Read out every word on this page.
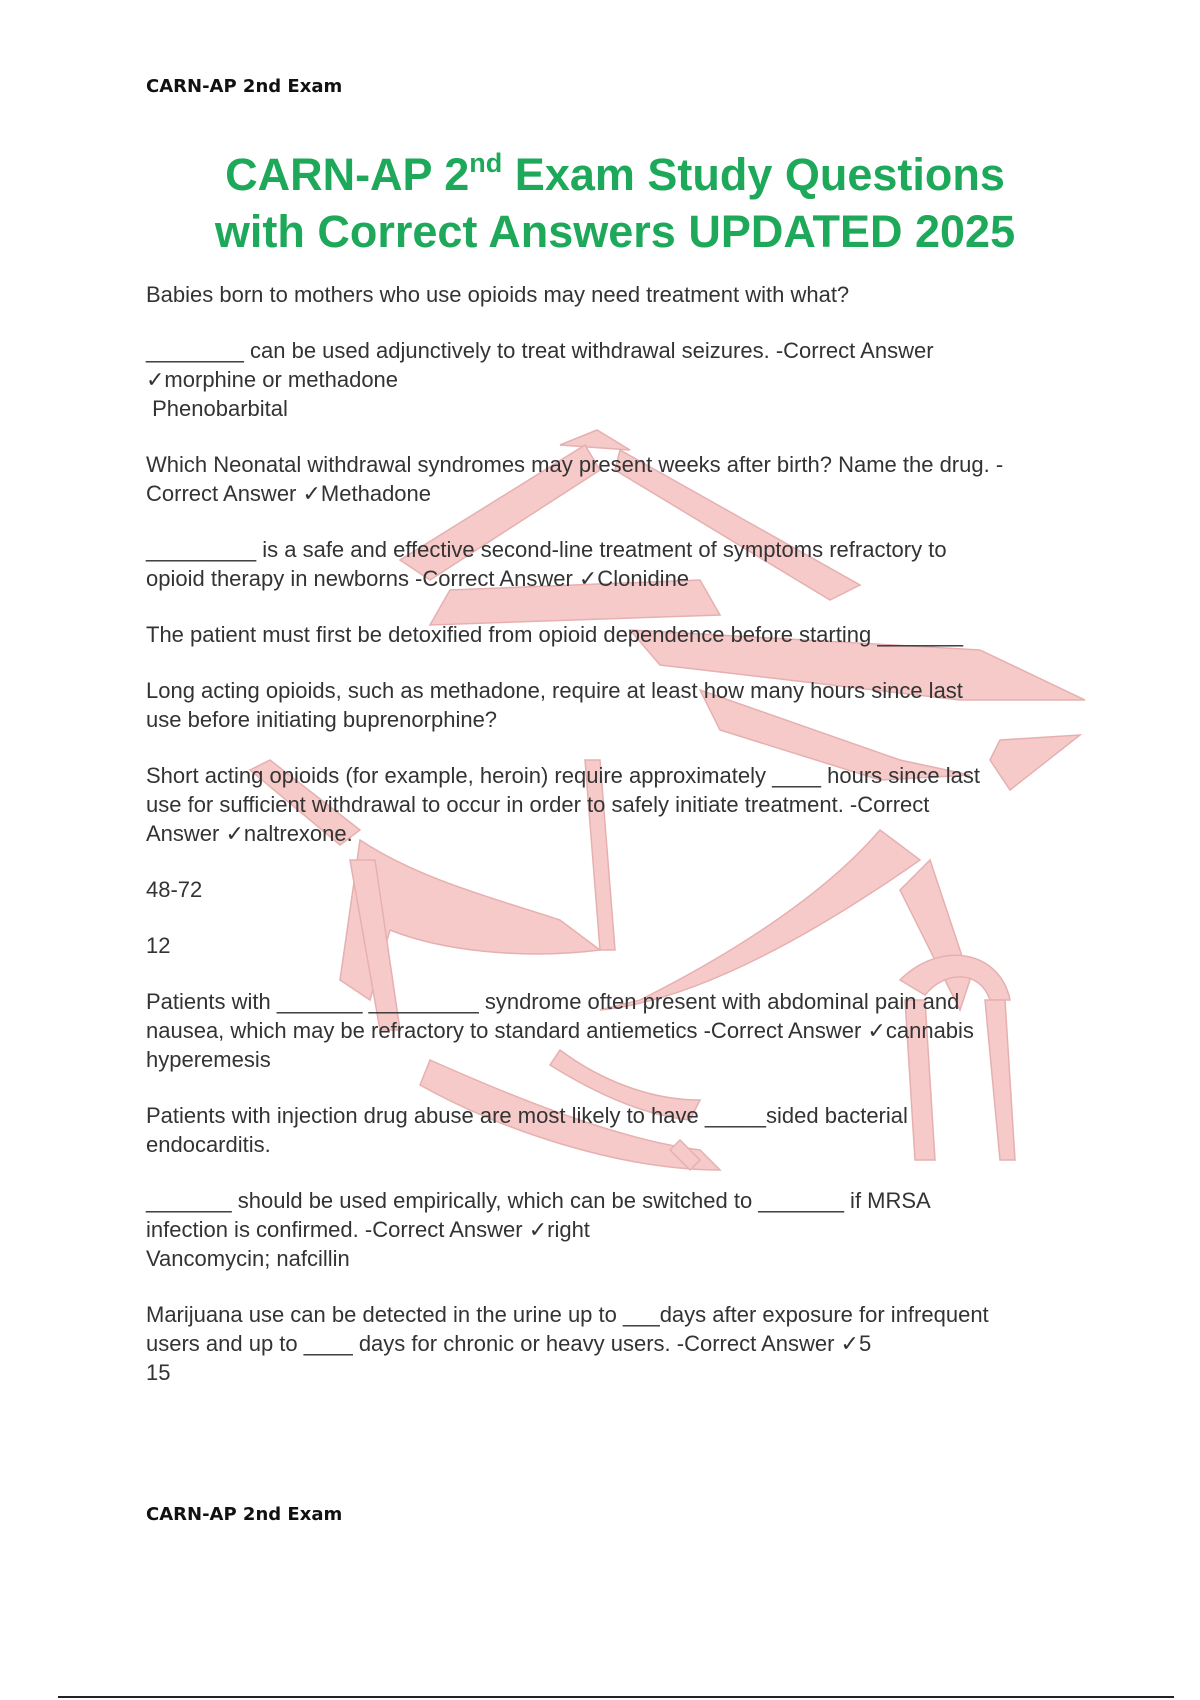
CARN-AP 2nd Exam
CARN-AP 2nd Exam Study Questions
with Correct Answers UPDATED 2025

Babies born to mothers who use opioids may need treatment with what?

________ can be used adjunctively to treat withdrawal seizures. -Correct Answer
✓morphine or methadone
Phenobarbital

Which Neonatal withdrawal syndromes may present weeks after birth? Name the drug. -
Correct Answer ✓Methadone

_________ is a safe and effective second-line treatment of symptoms refractory to
opioid therapy in newborns -Correct Answer ✓Clonidine

The patient must first be detoxified from opioid dependence before starting _______

Long acting opioids, such as methadone, require at least how many hours since last
use before initiating buprenorphine?

Short acting opioids (for example, heroin) require approximately ____ hours since last
use for sufficient withdrawal to occur in order to safely initiate treatment. -Correct
Answer ✓naltrexone.

48-72

12

Patients with _______ _________ syndrome often present with abdominal pain and
nausea, which may be refractory to standard antiemetics -Correct Answer ✓cannabis
hyperemesis

Patients with injection drug abuse are most likely to have _____sided bacterial
endocarditis.

_______ should be used empirically, which can be switched to _______ if MRSA
infection is confirmed. -Correct Answer ✓right
Vancomycin; nafcillin

Marijuana use can be detected in the urine up to ___days after exposure for infrequent
users and up to ____ days for chronic or heavy users. -Correct Answer ✓5
15

CARN-AP 2nd Exam
